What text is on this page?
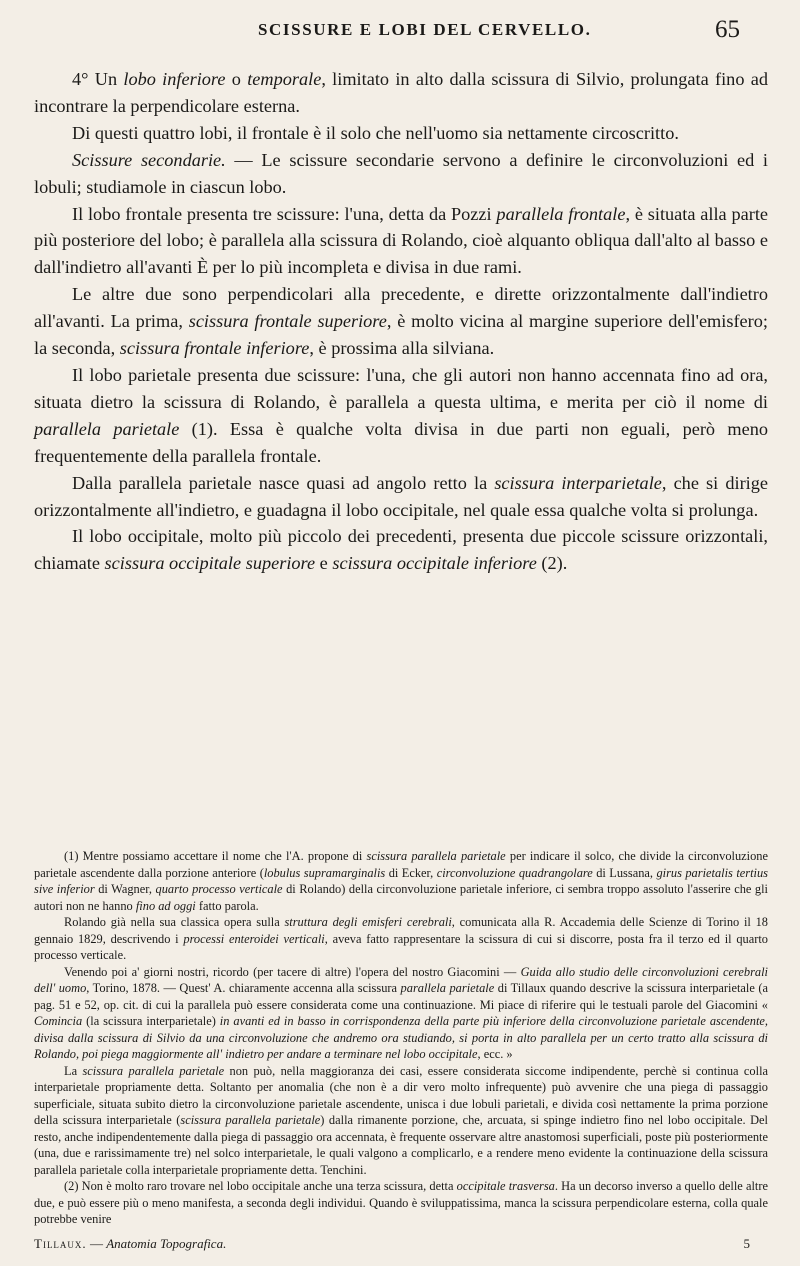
SCISSURE E LOBI DEL CERVELLO.	65

4° Un lobo inferiore o temporale, limitato in alto dalla scissura di Silvio, prolungata fino ad incontrare la perpendicolare esterna.

Di questi quattro lobi, il frontale è il solo che nell'uomo sia nettamente circoscritto.

Scissure secondarie. — Le scissure secondarie servono a definire le circonvoluzioni ed i lobuli; studiamole in ciascun lobo.

Il lobo frontale presenta tre scissure: l'una, detta da Pozzi parallela frontale, è situata alla parte più posteriore del lobo; è parallela alla scissura di Rolando, cioè alquanto obliqua dall'alto al basso e dall'indietro all'avanti È per lo più incompleta e divisa in due rami.

Le altre due sono perpendicolari alla precedente, e dirette orizzontalmente dall'indietro all'avanti. La prima, scissura frontale superiore, è molto vicina al margine superiore dell'emisfero; la seconda, scissura frontale inferiore, è prossima alla silviana.

Il lobo parietale presenta due scissure: l'una, che gli autori non hanno accennata fino ad ora, situata dietro la scissura di Rolando, è parallela a questa ultima, e merita per ciò il nome di parallela parietale (1). Essa è qualche volta divisa in due parti non eguali, però meno frequentemente della parallela frontale.

Dalla parallela parietale nasce quasi ad angolo retto la scissura interparietale, che si dirige orizzontalmente all'indietro, e guadagna il lobo occipitale, nel quale essa qualche volta si prolunga.

Il lobo occipitale, molto più piccolo dei precedenti, presenta due piccole scissure orizzontali, chiamate scissura occipitale superiore e scissura occipitale inferiore (2).

(1) Mentre possiamo accettare il nome che l'A. propone di scissura parallela parietale per indicare il solco, che divide la circonvoluzione parietale ascendente dalla porzione anteriore (lobulus supramarginalis di Ecker, circonvoluzione quadrangolare di Lussana, girus parietalis tertius sive inferior di Wagner, quarto processo verticale di Rolando) della circonvoluzione parietale inferiore, ci sembra troppo assoluto l'asserire che gli autori non ne hanno fino ad oggi fatto parola.

Rolando già nella sua classica opera sulla struttura degli emisferi cerebrali, comunicata alla R. Accademia delle Scienze di Torino il 18 gennaio 1829, descrivendo i processi enteroidei verticali, aveva fatto rappresentare la scissura di cui si discorre, posta fra il terzo ed il quarto processo verticale.

Venendo poi a' giorni nostri, ricordo (per tacere di altre) l'opera del nostro Giacomini — Guida allo studio delle circonvoluzioni cerebrali dell' uomo, Torino, 1878. — Quest' A. chiaramente accenna alla scissura parallela parietale di Tillaux quando descrive la scissura interparietale (a pag. 51 e 52, op. cit. di cui la parallela può essere considerata come una continuazione. Mi piace di riferire qui le testuali parole del Giacomini « Comincia (la scissura interparietale) in avanti ed in basso in corrispondenza della parte più inferiore della circonvoluzione parietale ascendente, divisa dalla scissura di Silvio da una circonvoluzione che andremo ora studiando, si porta in alto parallela per un certo tratto alla scissura di Rolando, poi piega maggiormente all' indietro per andare a terminare nel lobo occipitale, ecc. »

La scissura parallela parietale non può, nella maggioranza dei casi, essere considerata siccome indipendente, perchè si continua colla interparietale propriamente detta. Soltanto per anomalia (che non è a dir vero molto infrequente) può avvenire che una piega di passaggio superficiale, situata subito dietro la circonvoluzione parietale ascendente, unisca i due lobuli parietali, e divida così nettamente la prima porzione della scissura interparietale (scissura parallela parietale) dalla rimanente porzione, che, arcuata, si spinge indietro fino nel lobo occipitale. Del resto, anche indipendentemente dalla piega di passaggio ora accennata, è frequente osservare altre anastomosi superficiali, poste più posteriormente (una, due e rarissimamente tre) nel solco interparietale, le quali valgono a complicarlo, e a rendere meno evidente la continuazione della scissura parallela parietale colla interparietale propriamente detta. Tenchini.

(2) Non è molto raro trovare nel lobo occipitale anche una terza scissura, detta occipitale trasversa. Ha un decorso inverso a quello delle altre due, e può essere più o meno manifesta, a seconda degli individui. Quando è sviluppatissima, manca la scissura perpendicolare esterna, colla quale potrebbe venire

Tillaux. — Anatomia Topografica.	5
